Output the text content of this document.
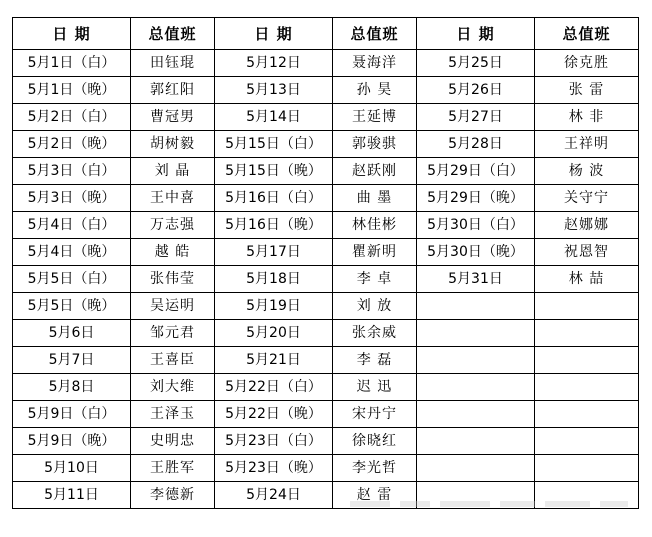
日 期	总值班	日 期	总值班	日 期	总值班
5月1日（白）	田钰琨	5月12日	聂海洋	5月25日	徐克胜
5月1日（晚）	郭红阳	5月13日	孙 昊	5月26日	张 雷
5月2日（白）	曹冠男	5月14日	王延博	5月27日	林 非
5月2日（晚）	胡树毅	5月15日（白）	郭骏骐	5月28日	王祥明
5月3日（白）	刘 晶	5月15日（晚）	赵跃刚	5月29日（白）	杨 波
5月3日（晚）	王中喜	5月16日（白）	曲 墨	5月29日（晚）	关守宁
5月4日（白）	万志强	5月16日（晚）	林佳彬	5月30日（白）	赵娜娜
5月4日（晚）	越 皓	5月17日	瞿新明	5月30日（晚）	祝恩智
5月5日（白）	张伟莹	5月18日	李 卓	5月31日	林 喆
5月5日（晚）	吴运明	5月19日	刘 放		
5月6日	邹元君	5月20日	张余威		
5月7日	王喜臣	5月21日	李 磊		
5月8日	刘大维	5月22日（白）	迟 迅		
5月9日（白）	王泽玉	5月22日（晚）	宋丹宁		
5月9日（晚）	史明忠	5月23日（白）	徐晓红		
5月10日	王胜军	5月23日（晚）	李光哲		
5月11日	李德新	5月24日	赵 雷		
